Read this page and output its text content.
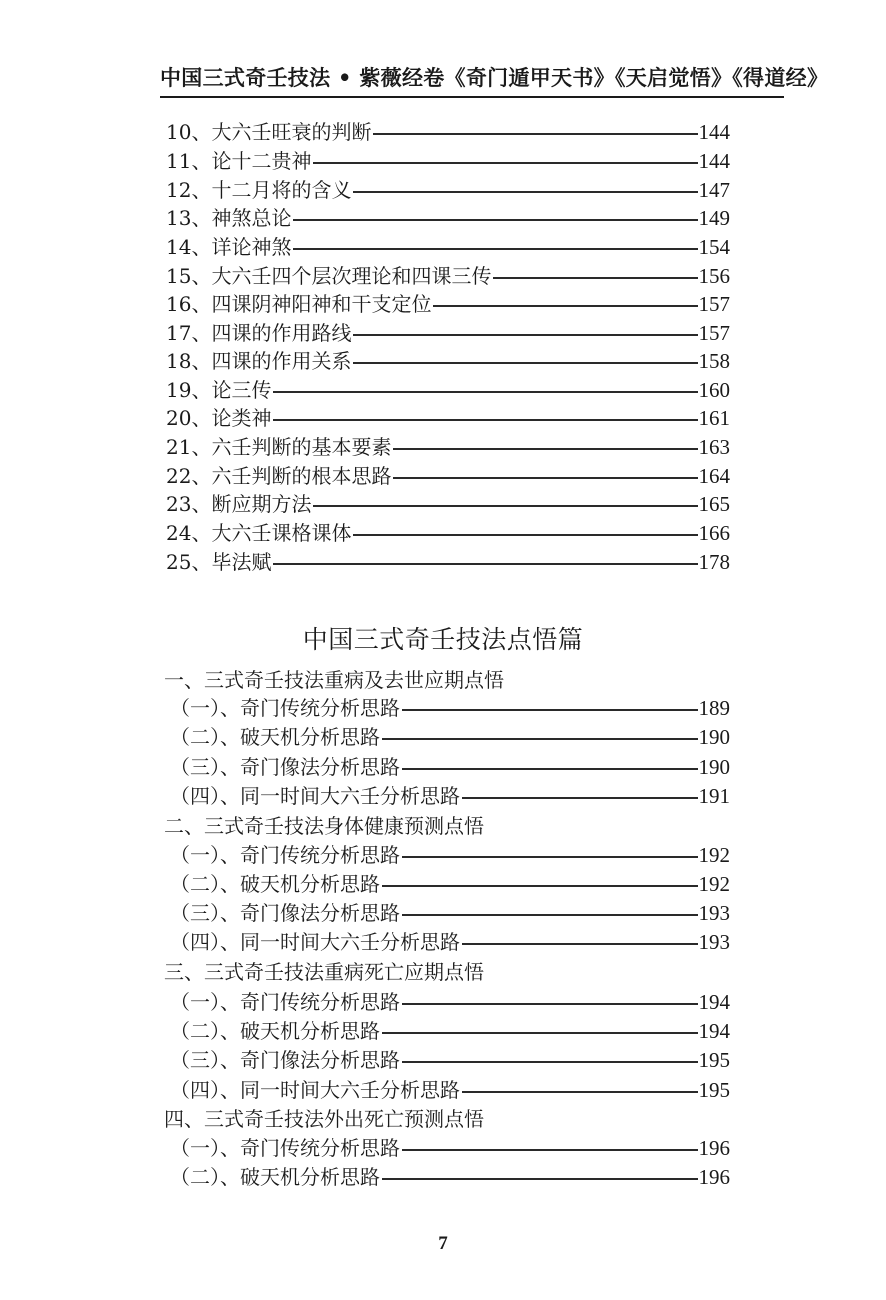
中国三式奇壬技法 • 紫薇经卷《奇门遁甲天书》《天启觉悟》《得道经》
10、大六壬旺衰的判断	144
11、论十二贵神	144
12、十二月将的含义	147
13、神煞总论	149
14、详论神煞	154
15、大六壬四个层次理论和四课三传	156
16、四课阴神阳神和干支定位	157
17、四课的作用路线	157
18、四课的作用关系	158
19、论三传	160
20、论类神	161
21、六壬判断的基本要素	163
22、六壬判断的根本思路	164
23、断应期方法	165
24、大六壬课格课体	166
25、毕法赋	178
中国三式奇壬技法点悟篇
一、三式奇壬技法重病及去世应期点悟
（一）、奇门传统分析思路	189
（二）、破天机分析思路	190
（三）、奇门像法分析思路	190
（四）、同一时间大六壬分析思路	191
二、三式奇壬技法身体健康预测点悟
（一）、奇门传统分析思路	192
（二）、破天机分析思路	192
（三）、奇门像法分析思路	193
（四）、同一时间大六壬分析思路	193
三、三式奇壬技法重病死亡应期点悟
（一）、奇门传统分析思路	194
（二）、破天机分析思路	194
（三）、奇门像法分析思路	195
（四）、同一时间大六壬分析思路	195
四、三式奇壬技法外出死亡预测点悟
（一）、奇门传统分析思路	196
（二）、破天机分析思路	196
7
